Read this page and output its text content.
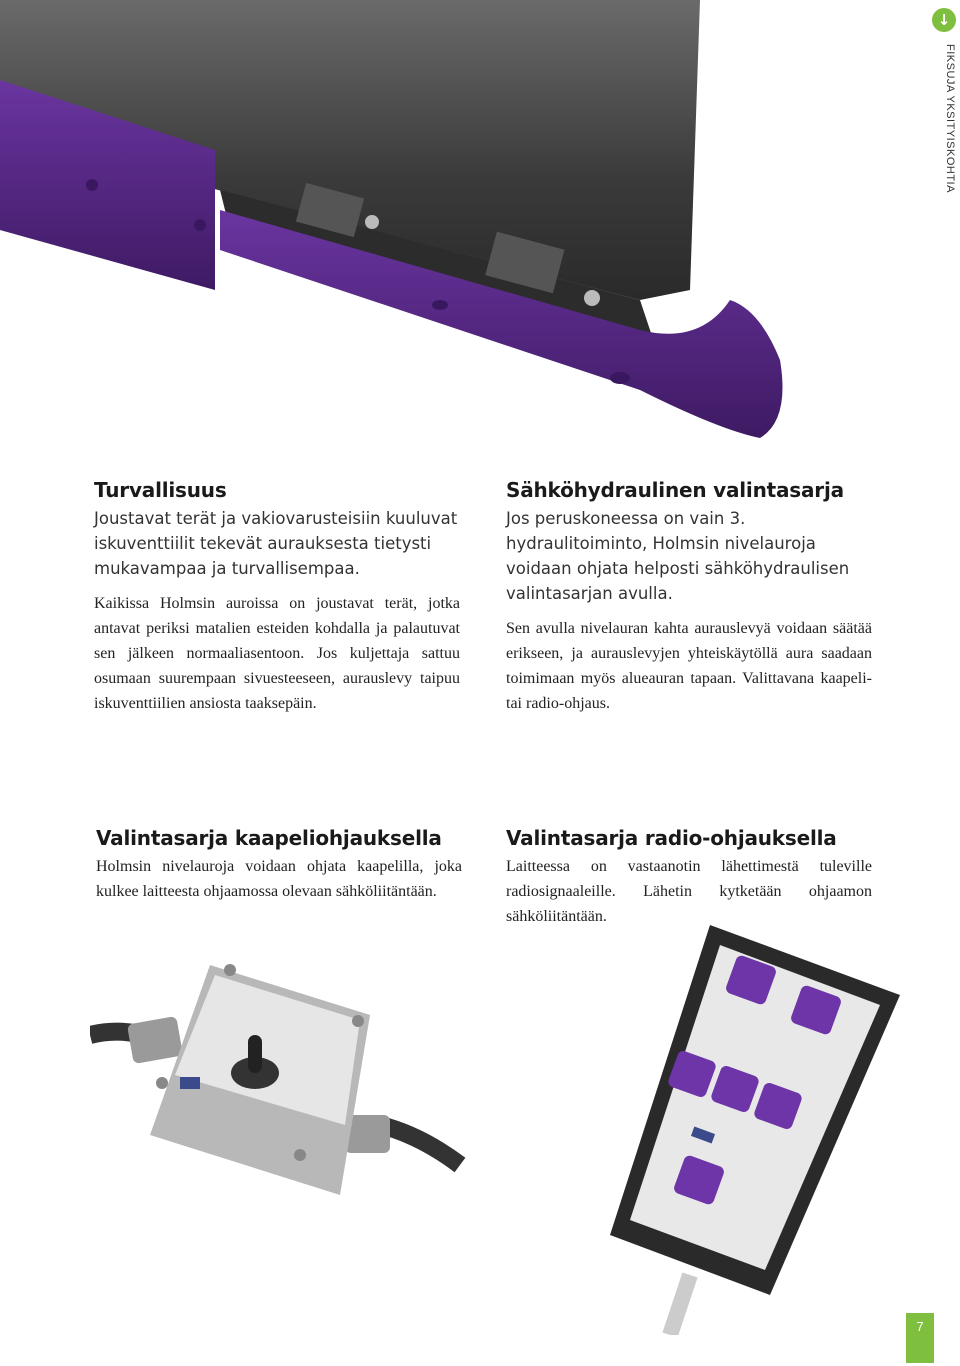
↓
FIKSUJA YKSITYISKOHTIA
Turvallisuus

Joustavat terät ja vakiovarusteisiin kuuluvat iskuventtiilit tekevät aurauksesta tietysti mukavampaa ja turvallisempaa.

Kaikissa Holmsin auroissa on joustavat terät, jotka antavat periksi matalien esteiden kohdalla ja palautuvat sen jälkeen normaaliasentoon. Jos kuljettaja sattuu osumaan suurempaan sivuesteeseen, aurauslevy taipuu iskuventtiilien ansiosta taaksepäin.

Sähköhydraulinen valintasarja

Jos peruskoneessa on vain 3. hydraulitoiminto, Holmsin nivelauroja voidaan ohjata helposti sähköhydraulisen valintasarjan avulla.

Sen avulla nivelauran kahta aurauslevyä voidaan säätää erikseen, ja aurauslevyjen yhteiskäytöllä aura saadaan toimimaan myös alueauran tapaan. Valittavana kaapeli- tai radio-ohjaus.

Valintasarja kaapeliohjauksella

Holmsin nivelauroja voidaan ohjata kaapelilla, joka kulkee laitteesta ohjaamossa olevaan sähköliitäntään.

Valintasarja radio-ohjauksella

Laitteessa on vastaanotin lähettimestä tuleville radiosignaaleille. Lähetin kytketään ohjaamon sähköliitäntään.

7
